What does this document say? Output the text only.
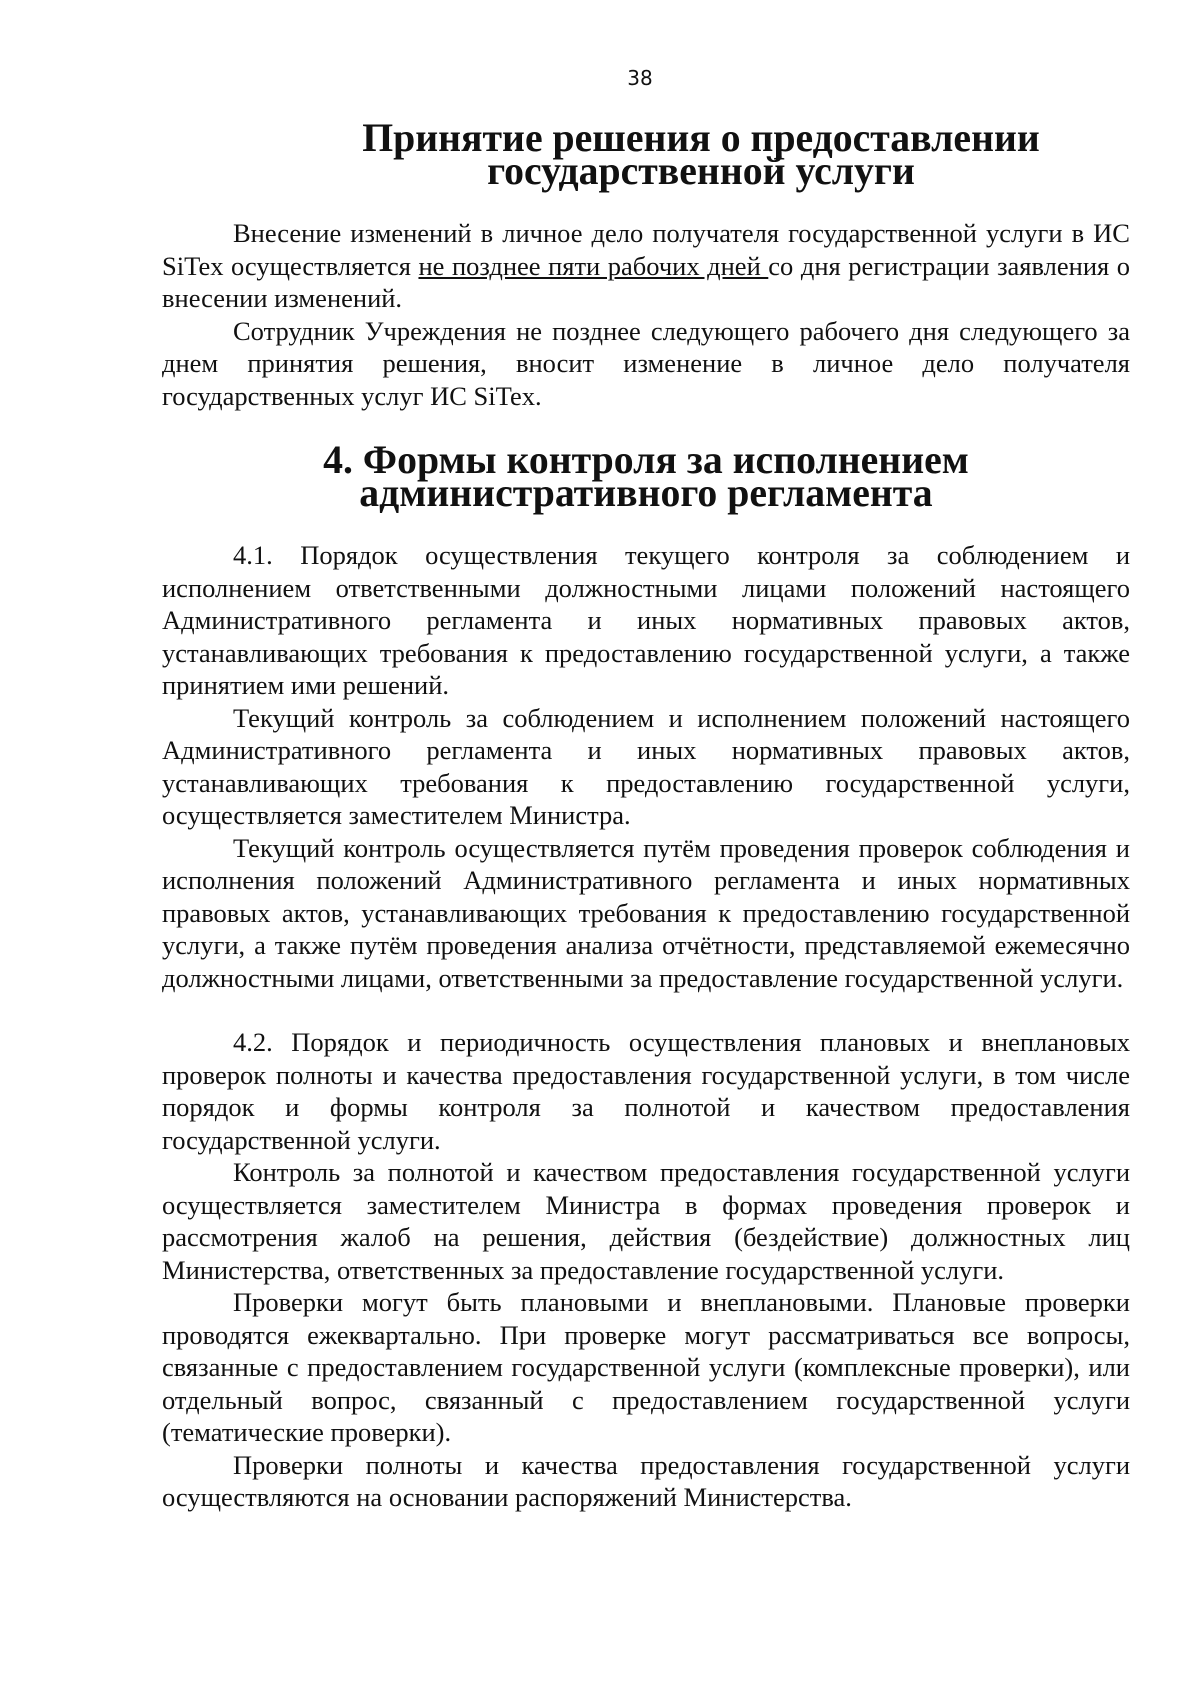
38
Принятие решения о предоставлении государственной услуги

Внесение изменений в личное дело получателя государственной услуги в ИС SiTex осуществляется не позднее пяти рабочих дней со дня регистрации заявления о внесении изменений.

Сотрудник Учреждения не позднее следующего рабочего дня следующего за днем принятия решения, вносит изменение в личное дело получателя государственных услуг ИС SiTex.

4. Формы контроля за исполнением
административного регламента

4.1. Порядок осуществления текущего контроля за соблюдением и исполнением ответственными должностными лицами положений настоящего Административного регламента и иных нормативных правовых актов, устанавливающих требования к предоставлению государственной услуги, а также принятием ими решений.

Текущий контроль за соблюдением и исполнением положений настоящего Административного регламента и иных нормативных правовых актов, устанавливающих требования к предоставлению государственной услуги, осуществляется заместителем Министра.

Текущий контроль осуществляется путём проведения проверок соблюдения и исполнения положений Административного регламента и иных нормативных правовых актов, устанавливающих требования к предоставлению государственной услуги, а также путём проведения анализа отчётности, представляемой ежемесячно должностными лицами, ответственными за предоставление государственной услуги.

4.2. Порядок и периодичность осуществления плановых и внеплановых проверок полноты и качества предоставления государственной услуги, в том числе порядок и формы контроля за полнотой и качеством предоставления государственной услуги.

Контроль за полнотой и качеством предоставления государственной услуги осуществляется заместителем Министра в формах проведения проверок и рассмотрения жалоб на решения, действия (бездействие) должностных лиц Министерства, ответственных за предоставление государственной услуги.

Проверки могут быть плановыми и внеплановыми. Плановые проверки проводятся ежеквартально. При проверке могут рассматриваться все вопросы, связанные с предоставлением государственной услуги (комплексные проверки), или отдельный вопрос, связанный с предоставлением государственной услуги (тематические проверки).

Проверки полноты и качества предоставления государственной услуги осуществляются на основании распоряжений Министерства.
